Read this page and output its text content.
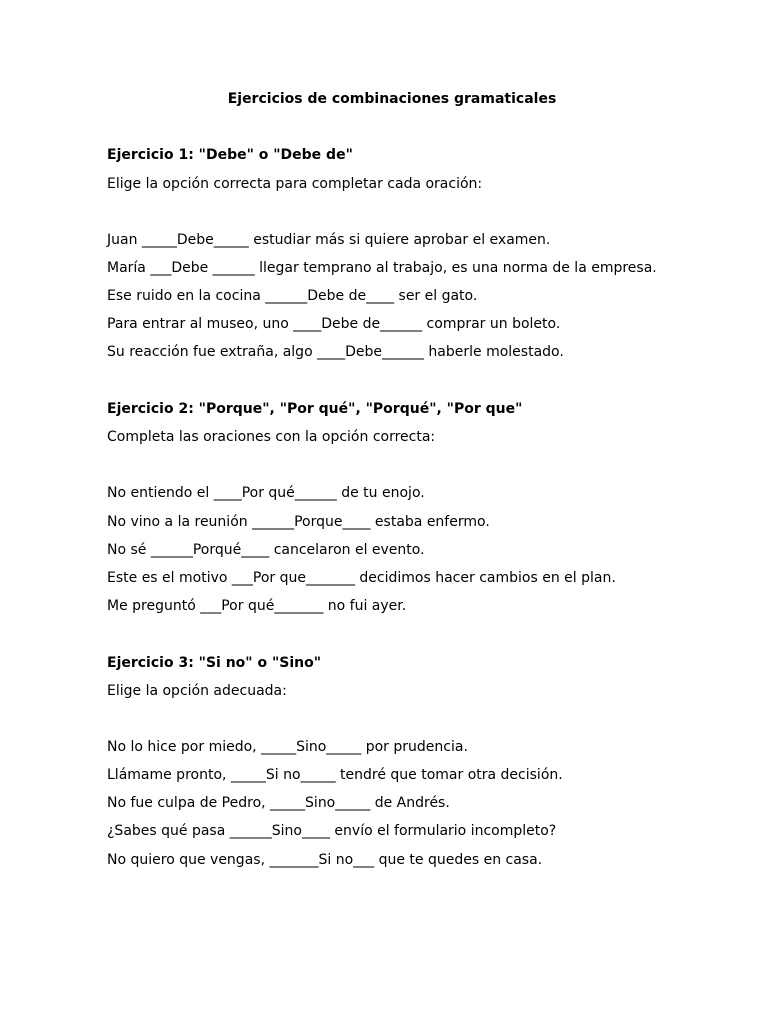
Ejercicios de combinaciones gramaticales
Ejercicio 1: "Debe" o "Debe de"
Elige la opción correcta para completar cada oración:
Juan _____Debe_____ estudiar más si quiere aprobar el examen.
María ___Debe ______ llegar temprano al trabajo, es una norma de la empresa.
Ese ruido en la cocina ______Debe de____ ser el gato.
Para entrar al museo, uno ____Debe de______ comprar un boleto.
Su reacción fue extraña, algo ____Debe______ haberle molestado.
Ejercicio 2: "Porque", "Por qué", "Porqué", "Por que"
Completa las oraciones con la opción correcta:
No entiendo el ____Por qué______ de tu enojo.
No vino a la reunión ______Porque____ estaba enfermo.
No sé ______Porqué____ cancelaron el evento.
Este es el motivo ___Por que_______ decidimos hacer cambios en el plan.
Me preguntó ___Por qué_______ no fui ayer.
Ejercicio 3: "Si no" o "Sino"
Elige la opción adecuada:
No lo hice por miedo, _____Sino_____ por prudencia.
Llámame pronto, _____Si no_____ tendré que tomar otra decisión.
No fue culpa de Pedro, _____Sino_____ de Andrés.
¿Sabes qué pasa ______Sino____ envío el formulario incompleto?
No quiero que vengas, _______Si no___ que te quedes en casa.
